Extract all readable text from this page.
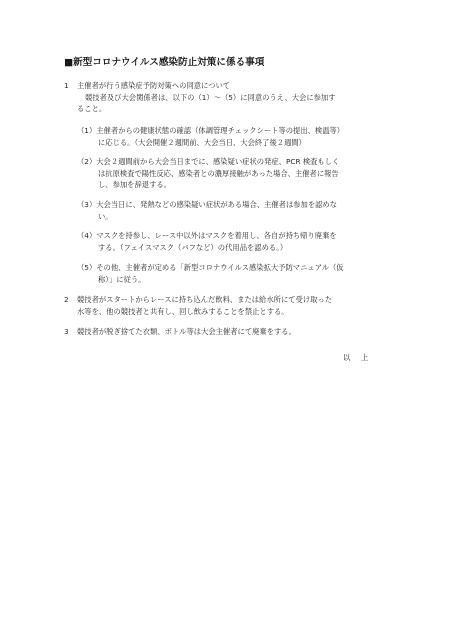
■新型コロナウイルス感染防止対策に係る事項
1 主催者が行う感染症予防対策への同意について
競技者及び大会関係者は、以下の（1）～（5）に同意のうえ、大会に参加す
ること。
（1）主催者からの健康状態の確認（体調管理チェックシート等の提出、検温等）
に応じる。（大会開催２週間前、大会当日、大会終了後２週間）
（2）大会２週間前から大会当日までに、感染疑い症状の発症、PCR 検査もしく
は抗原検査で陽性反応、感染者との濃厚接触があった場合、主催者に報告
し、参加を辞退する。
（3）大会当日に、発熱などの感染疑い症状がある場合、主催者は参加を認めな
い。
（4）マスクを持参し、レース中以外はマスクを着用し、各自が持ち帰り廃棄を
する。（フェイスマスク（バフなど）の代用品を認める。）
（5）その他、主催者が定める「新型コロナウイルス感染拡大予防マニュアル（仮
称）」に従う。
2 競技者がスタートからレースに持ち込んだ飲料、または給水所にて受け取った
水等を、他の競技者と共有し、回し飲みすることを禁止とする。
3 競技者が脱ぎ捨てた衣類、ボトル等は大会主催者にて廃棄をする。
以 上
